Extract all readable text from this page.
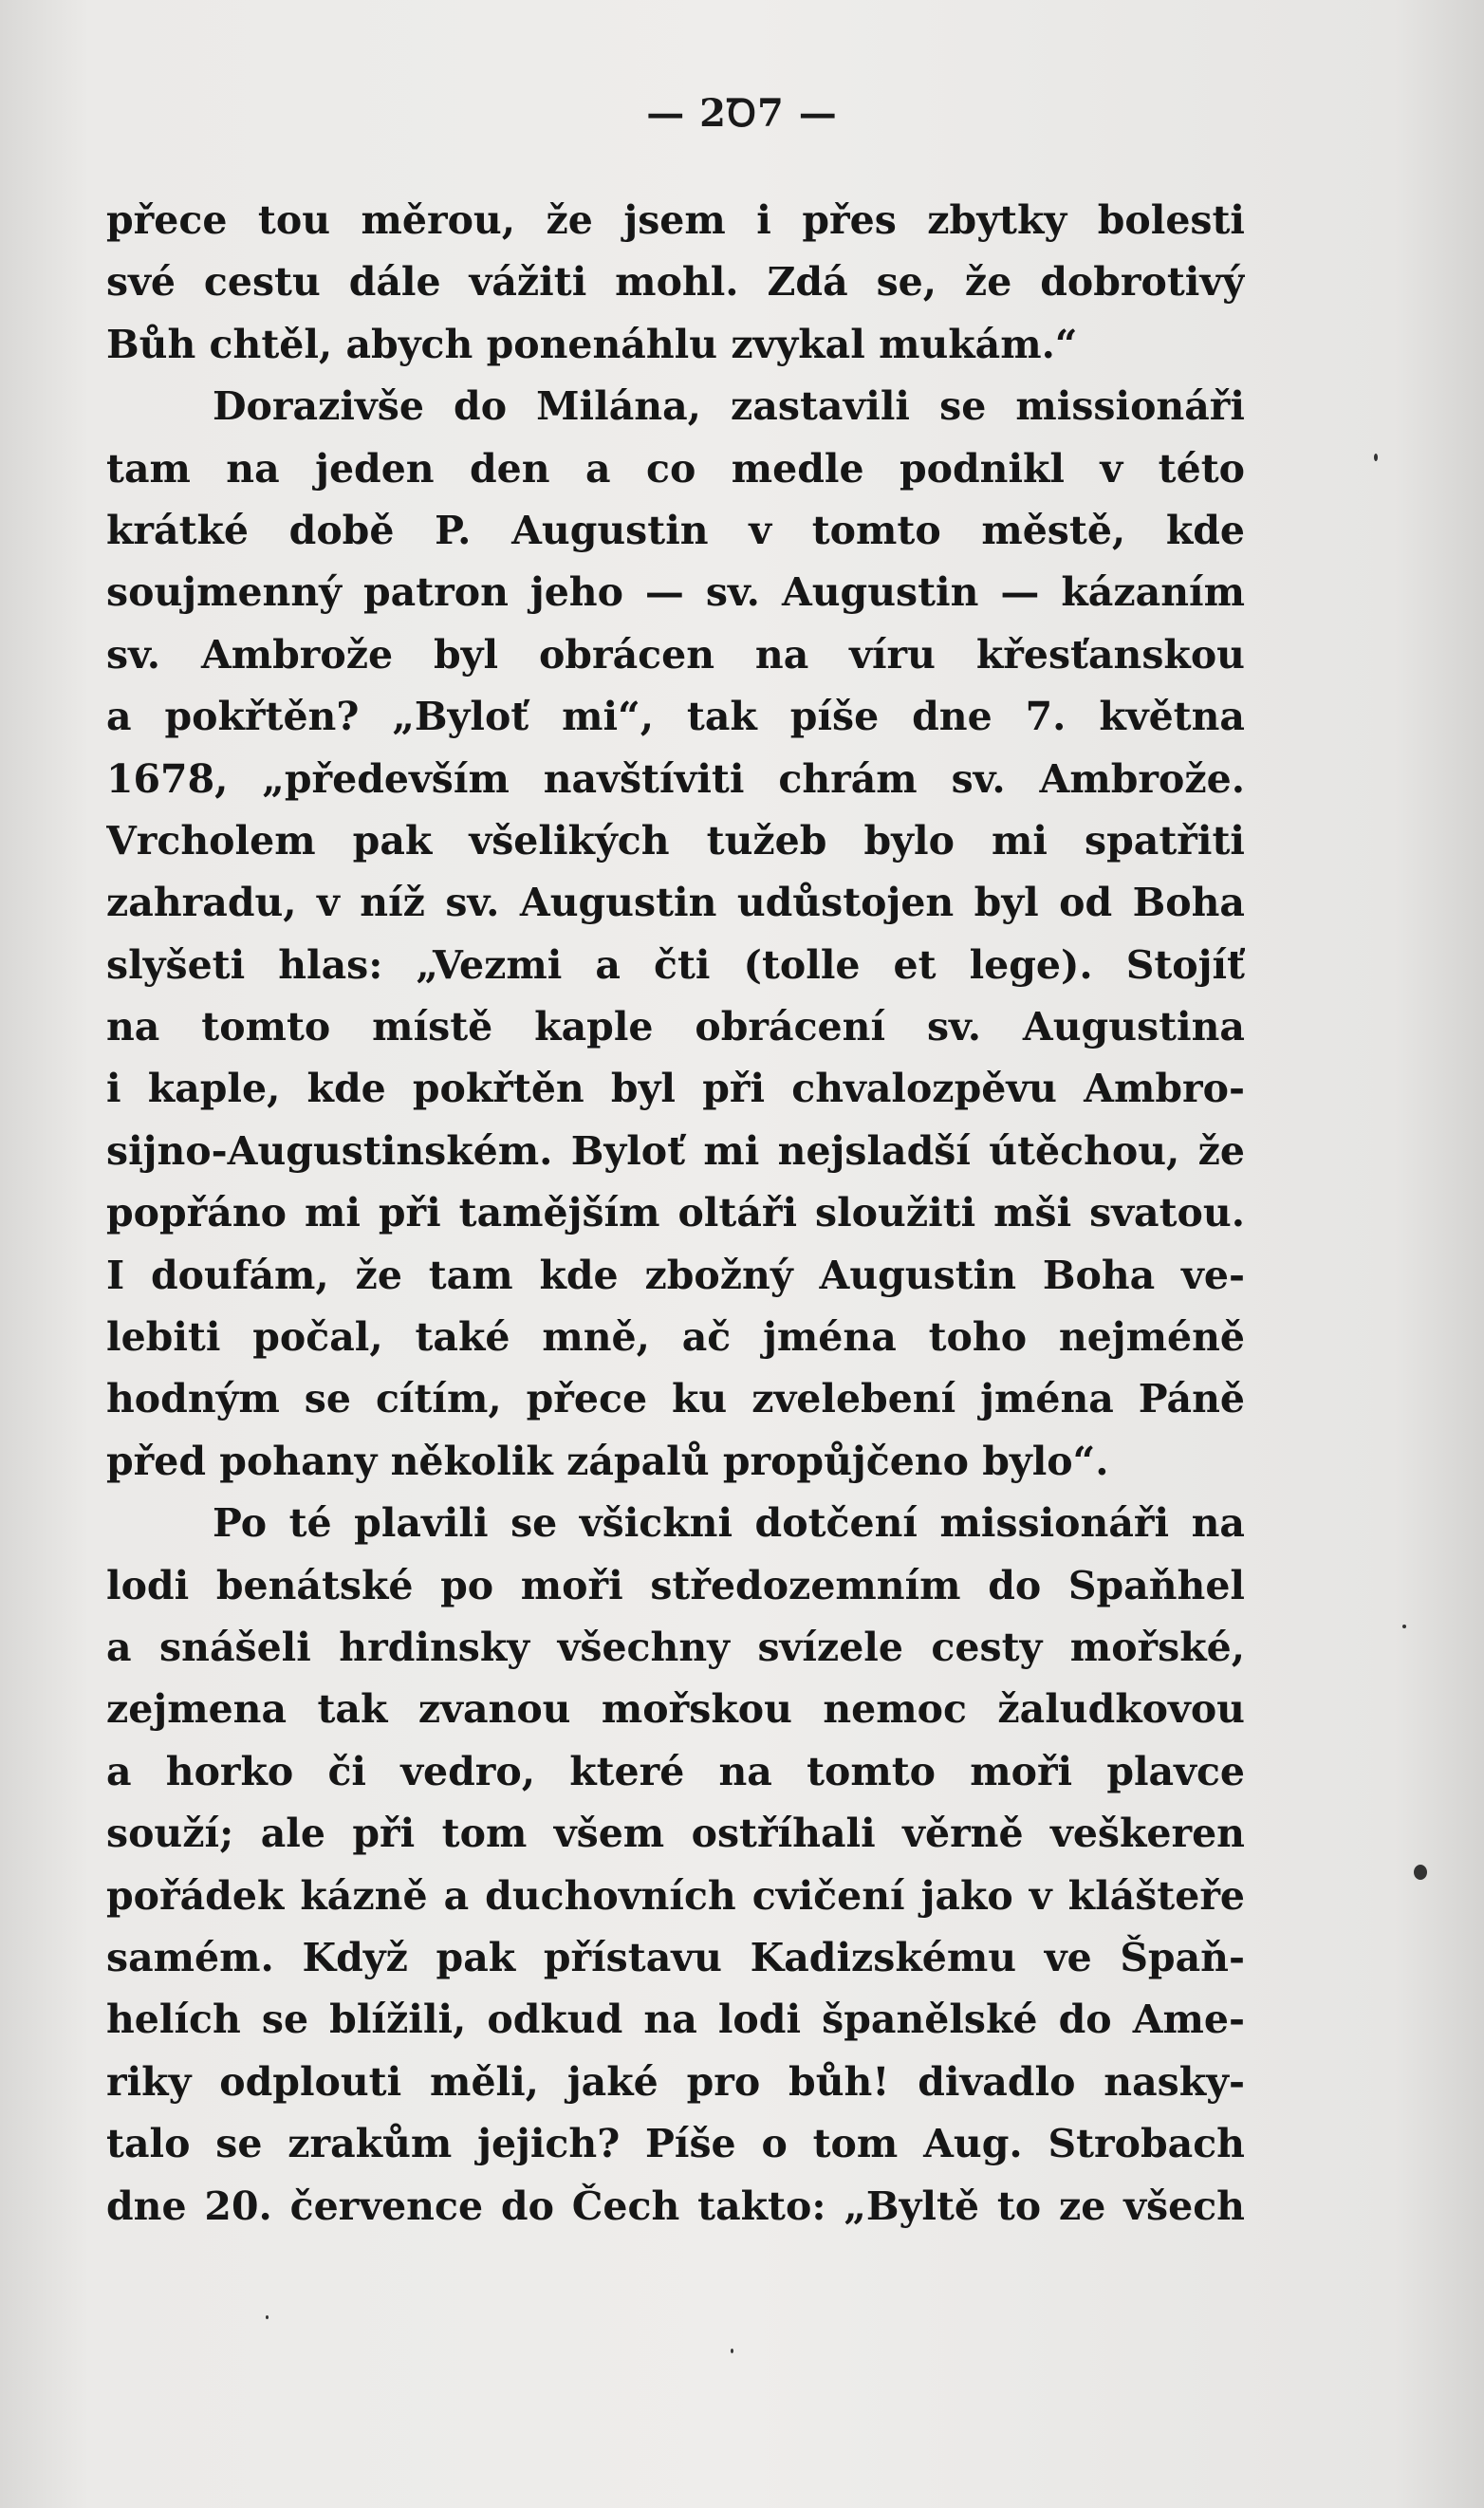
— 2Ꝺ7 —
přece tou měrou, že jsem i přes zbytky bolesti
své cestu dále vážiti mohl. Zdá se, že dobrotivý
Bůh chtěl, abych ponenáhlu zvykal mukám.“
Dorazivše do Milána, zastavili se missionáři
tam na jeden den a co medle podnikl v této
krátké době P. Augustin v tomto městě, kde
soujmenný patron jeho — sv. Augustin — kázaním
sv. Ambrože byl obrácen na víru křesťanskou
a pokřtěn? „Byloť mi“, tak píše dne 7. května
1678, „především navštíviti chrám sv. Ambrože.
Vrcholem pak všelikých tužeb bylo mi spatřiti
zahradu, v níž sv. Augustin udůstojen byl od Boha
slyšeti hlas: „Vezmi a čti (tolle et lege). Stojíť
na tomto místě kaple obrácení sv. Augustina
i kaple, kde pokřtěn byl při chvalozpěvu Ambro-
sijno-Augustinském. Byloť mi nejsladší útěchou, že
popřáno mi při tamějším oltáři sloužiti mši svatou.
I doufám, že tam kde zbožný Augustin Boha ve-
lebiti počal, také mně, ač jména toho nejméně
hodným se cítím, přece ku zvelebení jména Páně
před pohany několik zápalů propůjčeno bylo“.
Po té plavili se všickni dotčení missionáři na
lodi benátské po moři středozemním do Spaňhel
a snášeli hrdinsky všechny svízele cesty mořské,
zejmena tak zvanou mořskou nemoc žaludkovou
a horko či vedro, které na tomto moři plavce
souží; ale při tom všem ostříhali věrně veškeren
pořádek kázně a duchovních cvičení jako v klášteře
samém. Když pak přístavu Kadizskému ve Špaň-
helích se blížili, odkud na lodi španělské do Ame-
riky odplouti měli, jaké pro bůh! divadlo nasky-
talo se zrakům jejich? Píše o tom Aug. Strobach
dne 20. července do Čech takto: „Byltě to ze všech
